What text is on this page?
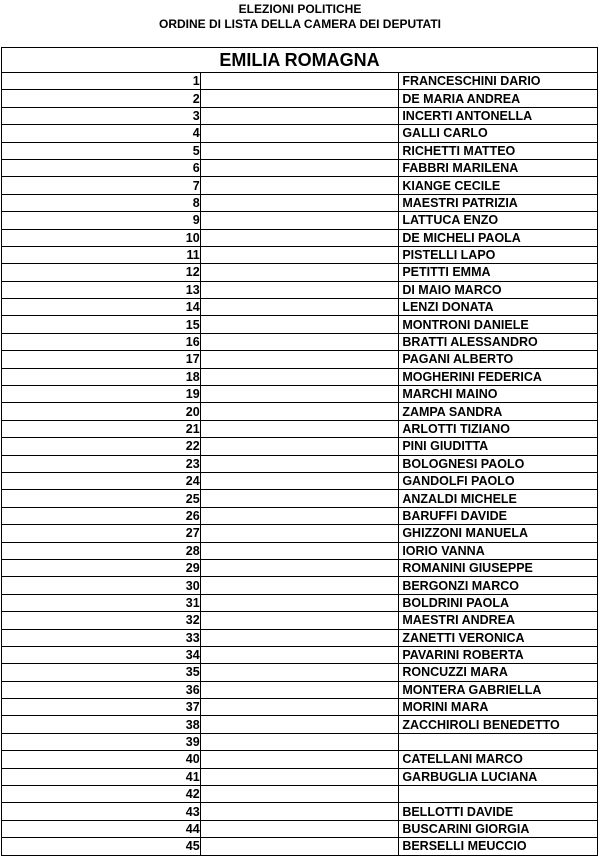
ELEZIONI POLITICHE
ORDINE DI LISTA DELLA CAMERA DEI DEPUTATI
EMILIA ROMAGNA		
1		FRANCESCHINI DARIO
2		DE MARIA ANDREA
3		INCERTI ANTONELLA
4		GALLI CARLO
5		RICHETTI MATTEO
6		FABBRI MARILENA
7		KIANGE CECILE
8		MAESTRI PATRIZIA
9		LATTUCA ENZO
10		DE MICHELI PAOLA
11		PISTELLI LAPO
12		PETITTI EMMA
13		DI MAIO MARCO
14		LENZI DONATA
15		MONTRONI DANIELE
16		BRATTI ALESSANDRO
17		PAGANI ALBERTO
18		MOGHERINI FEDERICA
19		MARCHI MAINO
20		ZAMPA SANDRA
21		ARLOTTI TIZIANO
22		PINI GIUDITTA
23		BOLOGNESI PAOLO
24		GANDOLFI PAOLO
25		ANZALDI MICHELE
26		BARUFFI DAVIDE
27		GHIZZONI MANUELA
28		IORIO VANNA
29		ROMANINI GIUSEPPE
30		BERGONZI MARCO
31		BOLDRINI PAOLA
32		MAESTRI ANDREA
33		ZANETTI VERONICA
34		PAVARINI ROBERTA
35		RONCUZZI MARA
36		MONTERA GABRIELLA
37		MORINI MARA
38		ZACCHIROLI BENEDETTO
39		
40		CATELLANI MARCO
41		GARBUGLIA LUCIANA
42		
43		BELLOTTI DAVIDE
44		BUSCARINI GIORGIA
45		BERSELLI MEUCCIO
